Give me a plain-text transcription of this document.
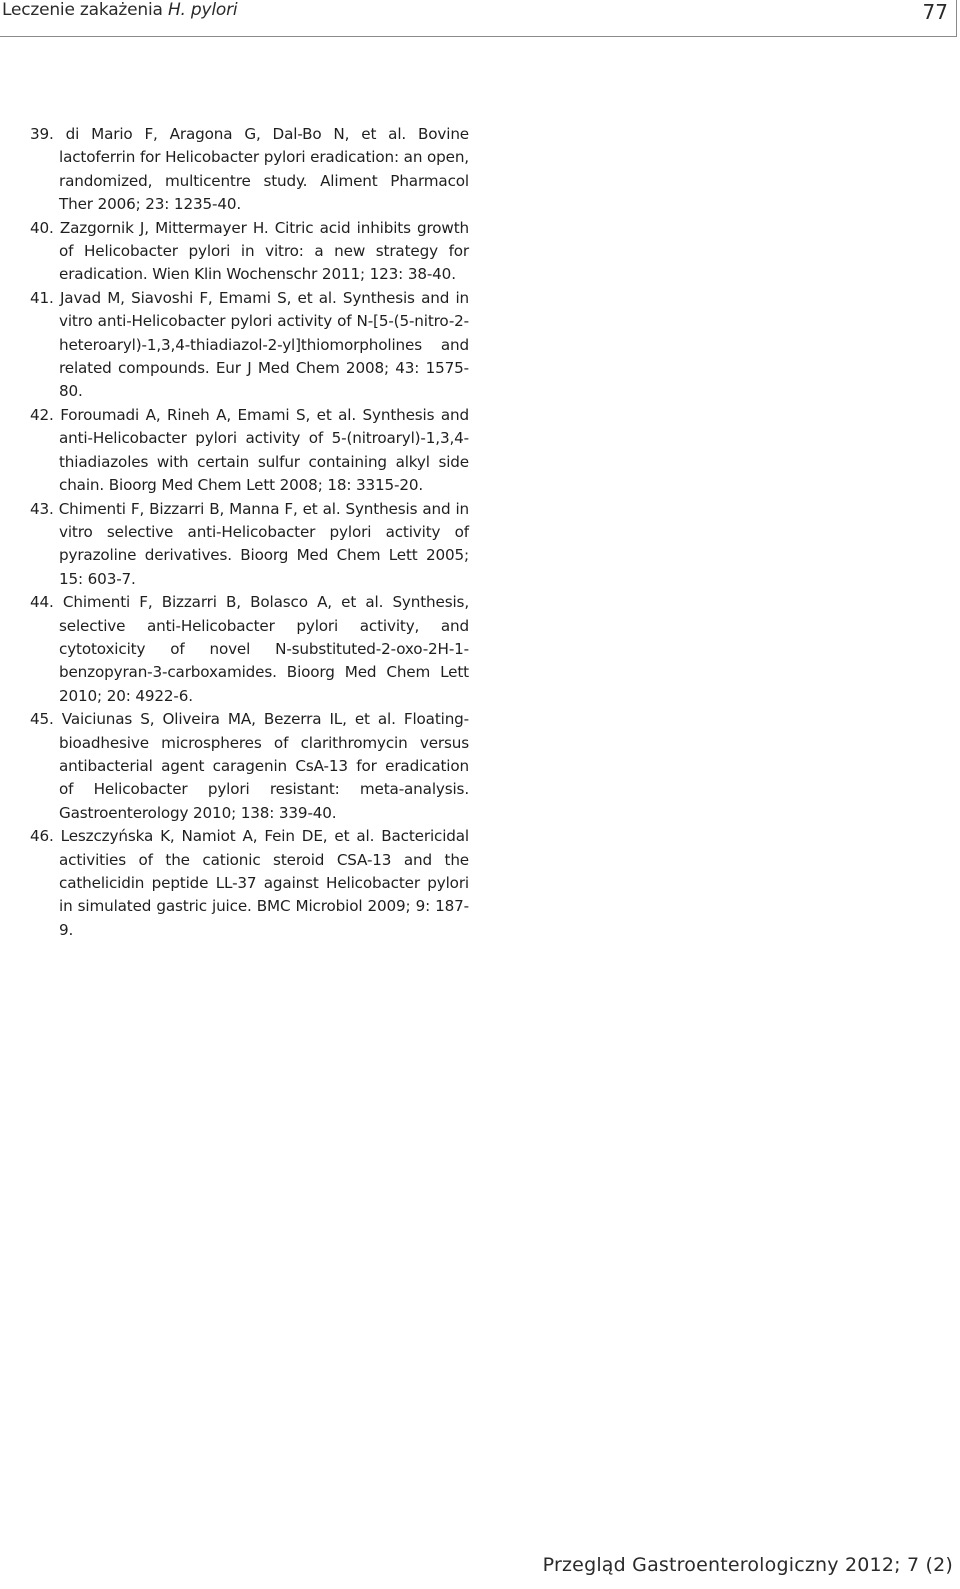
Leczenie zakażenia H. pylori	77
39. di Mario F, Aragona G, Dal-Bo N, et al. Bovine lactoferrin for Helicobacter pylori eradication: an open, randomized, multicentre study. Aliment Pharmacol Ther 2006; 23: 1235-40.
40. Zazgornik J, Mittermayer H. Citric acid inhibits growth of Helicobacter pylori in vitro: a new strategy for eradication. Wien Klin Wochenschr 2011; 123: 38-40.
41. Javad M, Siavoshi F, Emami S, et al. Synthesis and in vitro anti-Helicobacter pylori activity of N-[5-(5-nitro-2-heteroaryl)-1,3,4-thiadiazol-2-yl]thiomorpholines and related compounds. Eur J Med Chem 2008; 43: 1575-80.
42. Foroumadi A, Rineh A, Emami S, et al. Synthesis and anti-Helicobacter pylori activity of 5-(nitroaryl)-1,3,4-thiadiazoles with certain sulfur containing alkyl side chain. Bioorg Med Chem Lett 2008; 18: 3315-20.
43. Chimenti F, Bizzarri B, Manna F, et al. Synthesis and in vitro selective anti-Helicobacter pylori activity of pyrazoline derivatives. Bioorg Med Chem Lett 2005; 15: 603-7.
44. Chimenti F, Bizzarri B, Bolasco A, et al. Synthesis, selective anti-Helicobacter pylori activity, and cytotoxicity of novel N-substituted-2-oxo-2H-1-benzopyran-3-carboxamides. Bioorg Med Chem Lett 2010; 20: 4922-6.
45. Vaiciunas S, Oliveira MA, Bezerra IL, et al. Floating-bioadhesive microspheres of clarithromycin versus antibacterial agent caragenin CsA-13 for eradication of Helicobacter pylori resistant: meta-analysis. Gastroenterology 2010; 138: 339-40.
46. Leszczyńska K, Namiot A, Fein DE, et al. Bactericidal activities of the cationic steroid CSA-13 and the cathelicidin peptide LL-37 against Helicobacter pylori in simulated gastric juice. BMC Microbiol 2009; 9: 187-9.
Przegląd Gastroenterologiczny 2012; 7 (2)
